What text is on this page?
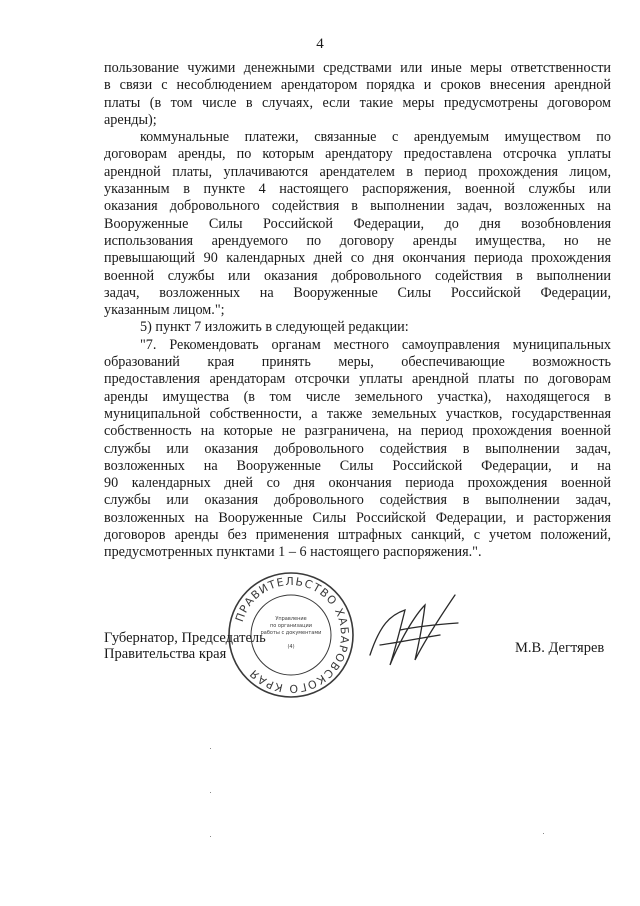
4
пользование чужими денежными средствами или иные меры ответственности
в связи с несоблюдением арендатором порядка и сроков внесения арендной
платы (в том числе в случаях, если такие меры предусмотрены договором
аренды);
коммунальные платежи, связанные с арендуемым имуществом по
договорам аренды, по которым арендатору предоставлена отсрочка уплаты
арендной платы, уплачиваются арендателем в период прохождения лицом,
указанным в пункте 4 настоящего распоряжения, военной службы или
оказания добровольного содействия в выполнении задач, возложенных на
Вооруженные Силы Российской Федерации, до дня возобновления
использования арендуемого по договору аренды имущества, но не
превышающий 90 календарных дней со дня окончания периода прохождения
военной службы или оказания добровольного содействия в выполнении
задач, возложенных на Вооруженные Силы Российской Федерации,
указанным лицом.";
5) пункт 7 изложить в следующей редакции:
"7. Рекомендовать органам местного самоуправления муниципальных
образований края принять меры, обеспечивающие возможность
предоставления арендаторам отсрочки уплаты арендной платы по договорам
аренды имущества (в том числе земельного участка), находящегося в
муниципальной собственности, а также земельных участков, государственная
собственность на которые не разграничена, на период прохождения военной
службы или оказания добровольного содействия в выполнении задач,
возложенных на Вооруженные Силы Российской Федерации, и на
90 календарных дней со дня окончания периода прохождения военной
службы или оказания добровольного содействия в выполнении задач,
возложенных на Вооруженные Силы Российской Федерации, и расторжения
договоров аренды без применения штрафных санкций, с учетом положений,
предусмотренных пунктами 1 – 6 настоящего распоряжения.".
ПРАВИТЕЛЬСТВО ХАБАРОВСКОГО КРАЯ
Управление
по организации
работы с документами
(4)
Губернатор, Председатель
Правительства края	М.В. Дегтярев
